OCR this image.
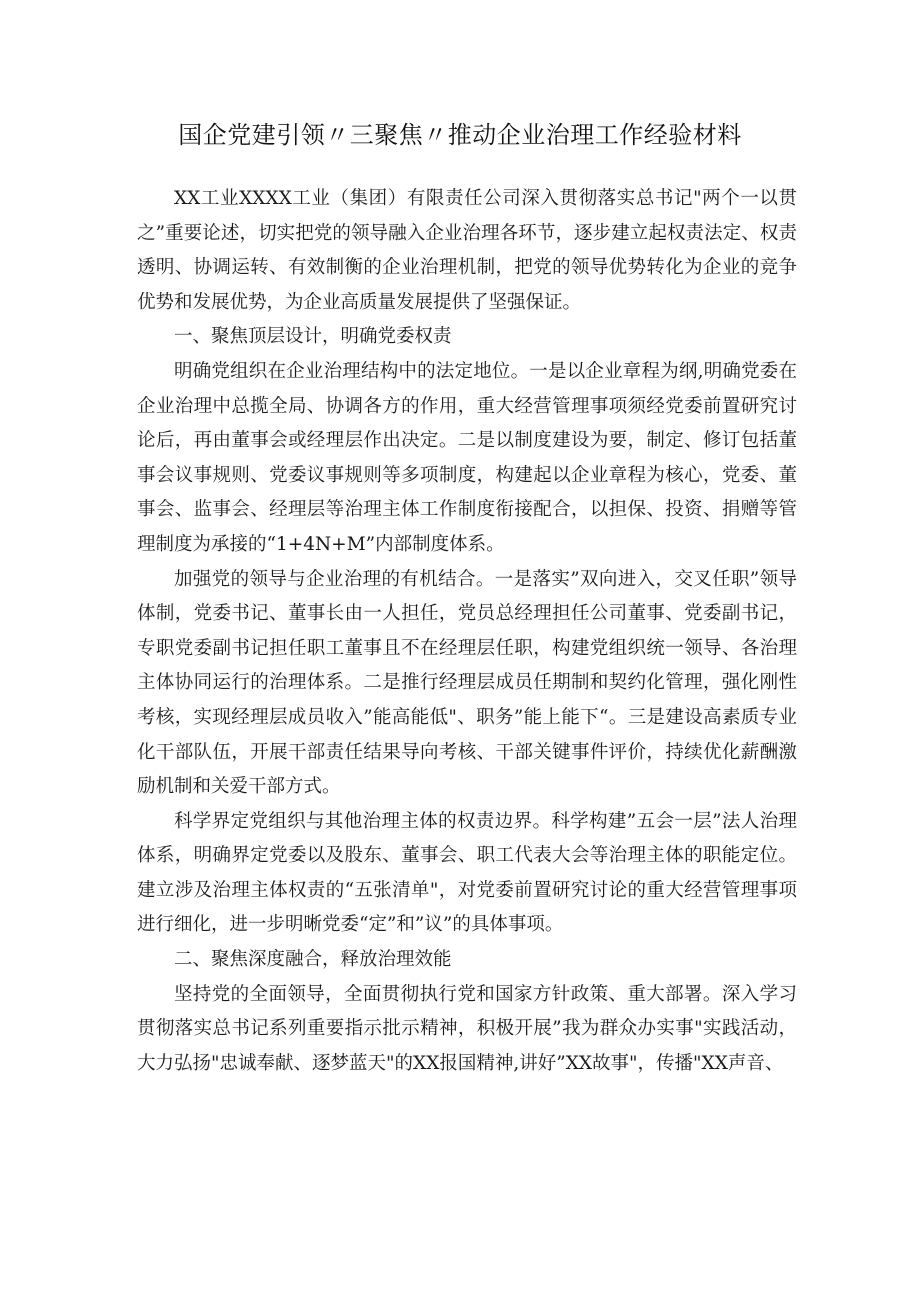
国企党建引领〃三聚焦〃推动企业治理工作经验材料

XX工业XXXX工业（集团）有限责任公司深入贯彻落实总书记"两个一以贯之”重要论述，切实把党的领导融入企业治理各环节，逐步建立起权责法定、权责透明、协调运转、有效制衡的企业治理机制，把党的领导优势转化为企业的竞争优势和发展优势，为企业高质量发展提供了坚强保证。

一、聚焦顶层设计，明确党委权责

明确党组织在企业治理结构中的法定地位。一是以企业章程为纲,明确党委在企业治理中总揽全局、协调各方的作用，重大经营管理事项须经党委前置研究讨论后，再由董事会或经理层作出决定。二是以制度建设为要，制定、修订包括董事会议事规则、党委议事规则等多项制度，构建起以企业章程为核心，党委、董事会、监事会、经理层等治理主体工作制度衔接配合，以担保、投资、捐赠等管理制度为承接的“1+4N+M”内部制度体系。

加强党的领导与企业治理的有机结合。一是落实”双向进入，交叉任职”领导体制，党委书记、董事长由一人担任，党员总经理担任公司董事、党委副书记，专职党委副书记担任职工董事且不在经理层任职，构建党组织统一领导、各治理主体协同运行的治理体系。二是推行经理层成员任期制和契约化管理，强化刚性考核，实现经理层成员收入”能高能低"、职务”能上能下“。三是建设高素质专业化干部队伍，开展干部责任结果导向考核、干部关键事件评价，持续优化薪酬激励机制和关爱干部方式。

科学界定党组织与其他治理主体的权责边界。科学构建”五会一层”法人治理体系，明确界定党委以及股东、董事会、职工代表大会等治理主体的职能定位。建立涉及治理主体权责的“五张清单"，对党委前置研究讨论的重大经营管理事项进行细化，进一步明晰党委“定”和”议”的具体事项。

二、聚焦深度融合，释放治理效能

坚持党的全面领导，全面贯彻执行党和国家方针政策、重大部署。深入学习贯彻落实总书记系列重要指示批示精神，积极开展”我为群众办实事"实践活动，大力弘扬"忠诚奉献、逐梦蓝天"的XX报国精神,讲好”XX故事"，传播"XX声音、
